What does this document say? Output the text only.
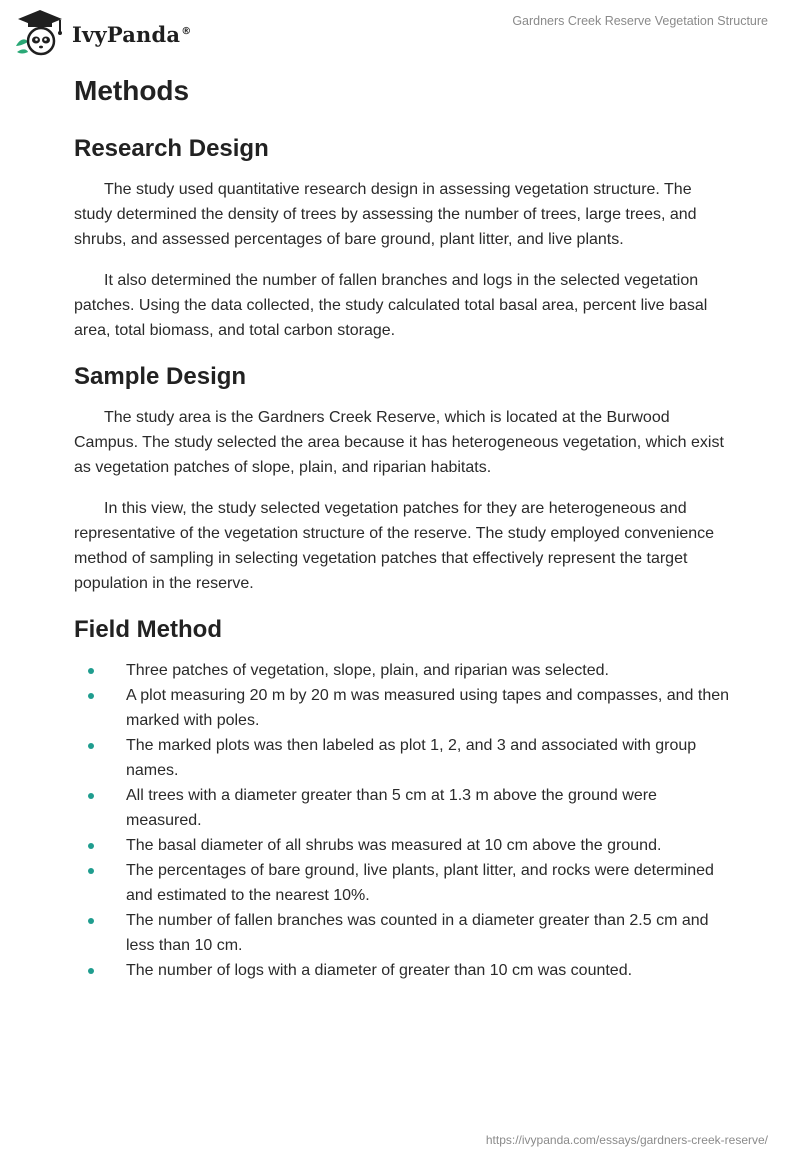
IvyPanda®
Gardners Creek Reserve Vegetation Structure
Methods
Research Design

The study used quantitative research design in assessing vegetation structure. The study determined the density of trees by assessing the number of trees, large trees, and shrubs, and assessed percentages of bare ground, plant litter, and live plants.

It also determined the number of fallen branches and logs in the selected vegetation patches. Using the data collected, the study calculated total basal area, percent live basal area, total biomass, and total carbon storage.

Sample Design

The study area is the Gardners Creek Reserve, which is located at the Burwood Campus. The study selected the area because it has heterogeneous vegetation, which exist as vegetation patches of slope, plain, and riparian habitats.

In this view, the study selected vegetation patches for they are heterogeneous and representative of the vegetation structure of the reserve. The study employed convenience method of sampling in selecting vegetation patches that effectively represent the target population in the reserve.

Field Method
Three patches of vegetation, slope, plain, and riparian was selected.
A plot measuring 20 m by 20 m was measured using tapes and compasses, and then marked with poles.
The marked plots was then labeled as plot 1, 2, and 3 and associated with group names.
All trees with a diameter greater than 5 cm at 1.3 m above the ground were measured.
The basal diameter of all shrubs was measured at 10 cm above the ground.
The percentages of bare ground, live plants, plant litter, and rocks were determined and estimated to the nearest 10%.
The number of fallen branches was counted in a diameter greater than 2.5 cm and less than 10 cm.
The number of logs with a diameter of greater than 10 cm was counted.
https://ivypanda.com/essays/gardners-creek-reserve/
